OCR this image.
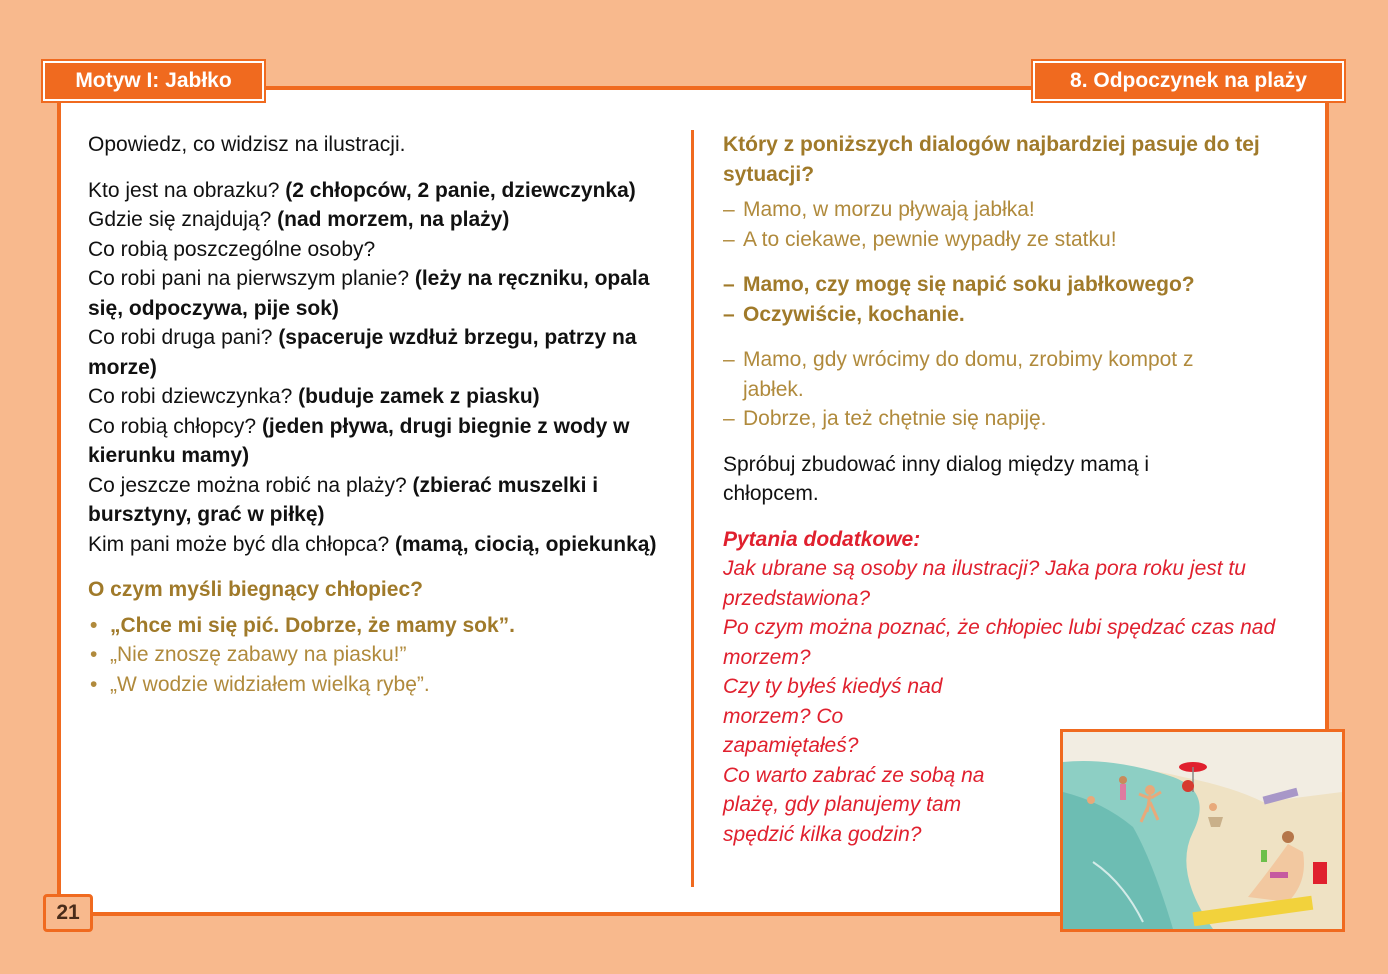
Motyw I: Jabłko	8. Odpoczynek na plaży
21

Opowiedz, co widzisz na ilustracji.

Kto jest na obrazku? (2 chłopców, 2 panie, dziewczynka)

Gdzie się znajdują? (nad morzem, na plaży)

Co robią poszczególne osoby?

Co robi pani na pierwszym planie? (leży na ręczniku, opala się, odpoczywa, pije sok)

Co robi druga pani? (spaceruje wzdłuż brzegu, patrzy na morze)

Co robi dziewczynka? (buduje zamek z piasku)

Co robią chłopcy? (jeden pływa, drugi biegnie z wody w kierunku mamy)

Co jeszcze można robić na plaży? (zbierać muszelki i bursztyny, grać w piłkę)

Kim pani może być dla chłopca? (mamą, ciocią, opiekunką)

O czym myśli biegnący chłopiec?

• „Chce mi się pić. Dobrze, że mamy sok”.
• „Nie znoszę zabawy na piasku!”
• „W wodzie widziałem wielką rybę”.

Który z poniższych dialogów najbardziej pasuje do tej sytuacji?

– Mamo, w morzu pływają jabłka!
– A to ciekawe, pewnie wypadły ze statku!
– Mamo, czy mogę się napić soku jabłkowego?
– Oczywiście, kochanie.
– Mamo, gdy wrócimy do domu, zrobimy kompot z jabłek.
– Dobrze, ja też chętnie się napiję.

Spróbuj zbudować inny dialog między mamą i chłopcem.

Pytania dodatkowe:

Jak ubrane są osoby na ilustracji? Jaka pora roku jest tu przedstawiona?

Po czym można poznać, że chłopiec lubi spędzać czas nad morzem?

Czy ty byłeś kiedyś nad morzem? Co zapamiętałeś?

Co warto zabrać ze sobą na plażę, gdy planujemy tam spędzić kilka godzin?
